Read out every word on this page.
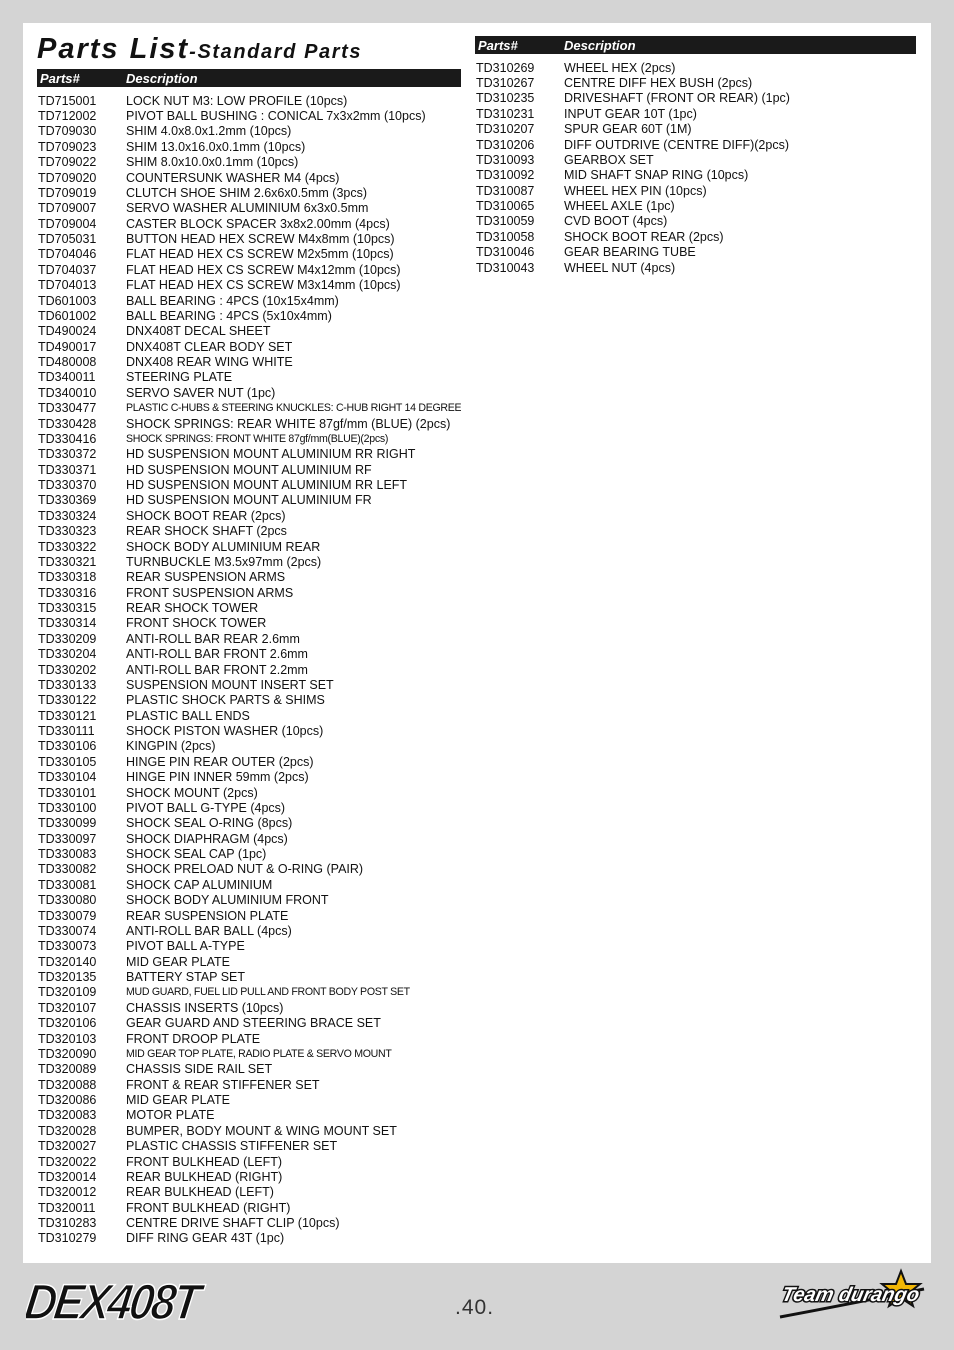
Parts List-Standard Parts
Parts#	Description
TD715001	LOCK NUT M3: LOW PROFILE (10pcs)
TD712002	PIVOT BALL BUSHING : CONICAL 7x3x2mm (10pcs)
TD709030	SHIM 4.0x8.0x1.2mm (10pcs)
TD709023	SHIM 13.0x16.0x0.1mm (10pcs)
TD709022	SHIM 8.0x10.0x0.1mm (10pcs)
TD709020	COUNTERSUNK WASHER M4 (4pcs)
TD709019	CLUTCH SHOE SHIM 2.6x6x0.5mm (3pcs)
TD709007	SERVO WASHER ALUMINIUM 6x3x0.5mm
TD709004	CASTER BLOCK SPACER 3x8x2.00mm (4pcs)
TD705031	BUTTON HEAD HEX SCREW M4x8mm (10pcs)
TD704046	FLAT HEAD HEX CS SCREW M2x5mm (10pcs)
TD704037	FLAT HEAD HEX CS SCREW M4x12mm (10pcs)
TD704013	FLAT HEAD HEX CS SCREW M3x14mm (10pcs)
TD601003	BALL BEARING : 4PCS (10x15x4mm)
TD601002	BALL BEARING : 4PCS (5x10x4mm)
TD490024	DNX408T DECAL SHEET
TD490017	DNX408T CLEAR BODY SET
TD480008	DNX408 REAR WING WHITE
TD340011	STEERING PLATE
TD340010	SERVO SAVER NUT (1pc)
TD330477	PLASTIC C-HUBS & STEERING KNUCKLES: C-HUB RIGHT 14 DEGREE
TD330428	SHOCK SPRINGS: REAR WHITE 87gf/mm (BLUE) (2pcs)
TD330416	SHOCK SPRINGS: FRONT WHITE 87gf/mm(BLUE)(2pcs)
TD330372	HD SUSPENSION MOUNT ALUMINIUM RR RIGHT
TD330371	HD SUSPENSION MOUNT ALUMINIUM RF
TD330370	HD SUSPENSION MOUNT ALUMINIUM RR LEFT
TD330369	HD SUSPENSION MOUNT ALUMINIUM FR
TD330324	SHOCK BOOT REAR (2pcs)
TD330323	REAR SHOCK SHAFT (2pcs
TD330322	SHOCK BODY ALUMINIUM REAR
TD330321	TURNBUCKLE M3.5x97mm (2pcs)
TD330318	REAR SUSPENSION ARMS
TD330316	FRONT SUSPENSION ARMS
TD330315	REAR SHOCK TOWER
TD330314	FRONT SHOCK TOWER
TD330209	ANTI-ROLL BAR REAR 2.6mm
TD330204	ANTI-ROLL BAR FRONT 2.6mm
TD330202	ANTI-ROLL BAR FRONT 2.2mm
TD330133	SUSPENSION MOUNT INSERT SET
TD330122	PLASTIC SHOCK PARTS & SHIMS
TD330121	PLASTIC BALL ENDS
TD330111	SHOCK PISTON WASHER (10pcs)
TD330106	KINGPIN (2pcs)
TD330105	HINGE PIN REAR OUTER (2pcs)
TD330104	HINGE PIN INNER 59mm (2pcs)
TD330101	SHOCK MOUNT (2pcs)
TD330100	PIVOT BALL G-TYPE (4pcs)
TD330099	SHOCK SEAL O-RING (8pcs)
TD330097	SHOCK DIAPHRAGM (4pcs)
TD330083	SHOCK SEAL CAP (1pc)
TD330082	SHOCK PRELOAD NUT & O-RING (PAIR)
TD330081	SHOCK CAP ALUMINIUM
TD330080	SHOCK BODY ALUMINIUM FRONT
TD330079	REAR SUSPENSION PLATE
TD330074	ANTI-ROLL BAR BALL (4pcs)
TD330073	PIVOT BALL A-TYPE
TD320140	MID GEAR PLATE
TD320135	BATTERY STAP SET
TD320109	MUD GUARD, FUEL LID PULL AND FRONT BODY POST SET
TD320107	CHASSIS INSERTS (10pcs)
TD320106	GEAR GUARD AND STEERING BRACE SET
TD320103	FRONT DROOP PLATE
TD320090	MID GEAR TOP PLATE, RADIO PLATE & SERVO MOUNT
TD320089	CHASSIS SIDE RAIL SET
TD320088	FRONT & REAR STIFFENER SET
TD320086	MID GEAR PLATE
TD320083	MOTOR PLATE
TD320028	BUMPER, BODY MOUNT & WING MOUNT SET
TD320027	PLASTIC CHASSIS STIFFENER SET
TD320022	FRONT BULKHEAD (LEFT)
TD320014	REAR BULKHEAD (RIGHT)
TD320012	REAR BULKHEAD (LEFT)
TD320011	FRONT BULKHEAD (RIGHT)
TD310283	CENTRE DRIVE SHAFT CLIP (10pcs)
TD310279	DIFF RING GEAR 43T (1pc)
Parts#	Description
TD310269	WHEEL HEX (2pcs)
TD310267	CENTRE DIFF HEX BUSH (2pcs)
TD310235	DRIVESHAFT (FRONT OR REAR) (1pc)
TD310231	INPUT GEAR 10T (1pc)
TD310207	SPUR GEAR 60T (1M)
TD310206	DIFF OUTDRIVE (CENTRE DIFF)(2pcs)
TD310093	GEARBOX SET
TD310092	MID SHAFT SNAP RING (10pcs)
TD310087	WHEEL HEX PIN (10pcs)
TD310065	WHEEL AXLE (1pc)
TD310059	CVD BOOT (4pcs)
TD310058	SHOCK BOOT REAR (2pcs)
TD310046	GEAR BEARING TUBE
TD310043	WHEEL NUT (4pcs)
DEX408T	.40.
Team durango
